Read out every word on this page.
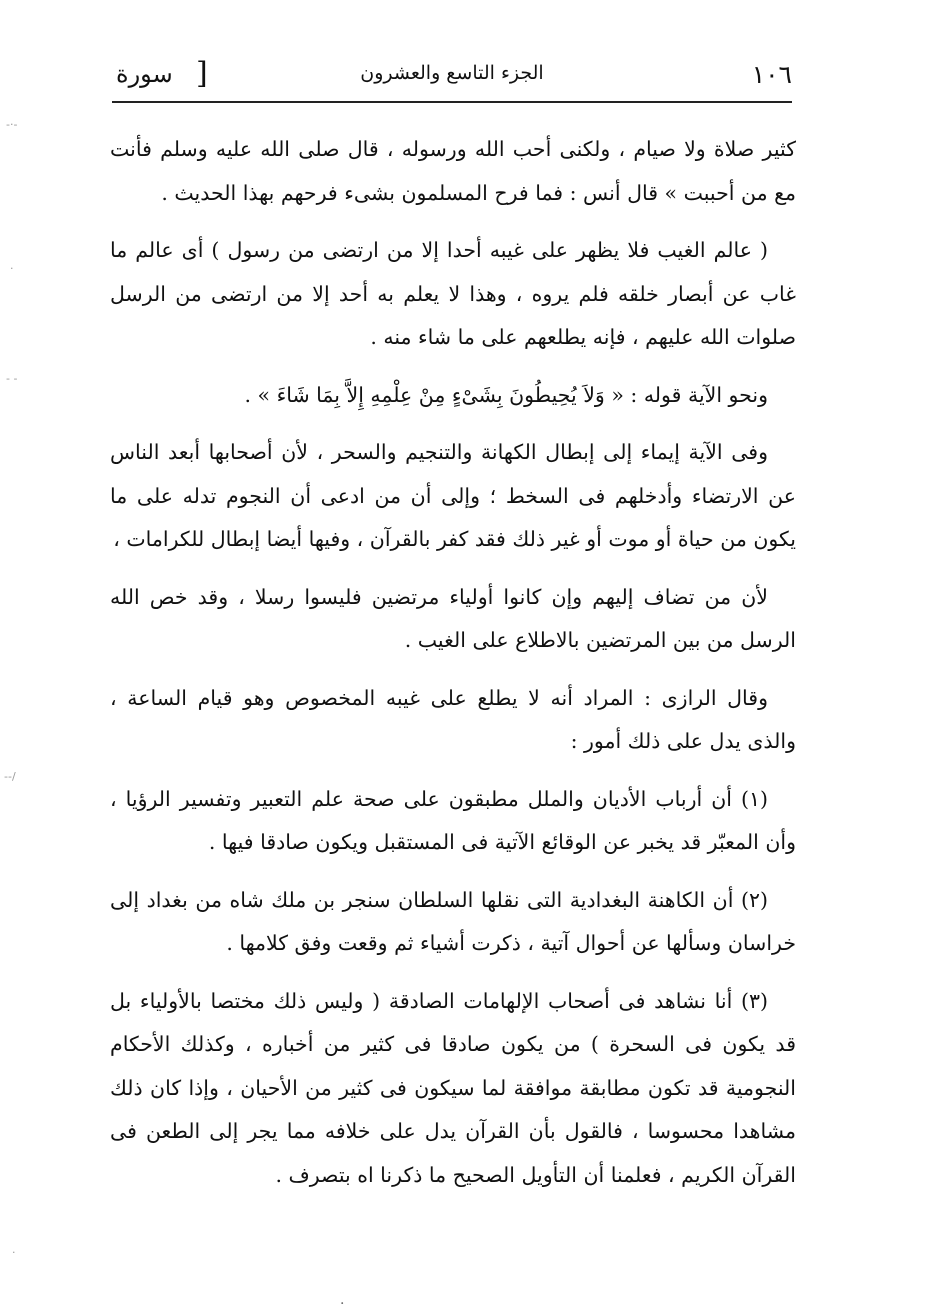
١٠٦
الجزء التاسع والعشرون
[
سورة

كثير صلاة ولا صيام ، ولكنى أحب الله ورسوله ، قال صلى الله عليه وسلم فأنت مع من أحببت » قال أنس : فما فرح المسلمون بشىء فرحهم بهذا الحديث .

( عالم الغيب فلا يظهر على غيبه أحدا إلا من ارتضى من رسول ) أى عالم ما غاب عن أبصار خلقه فلم يروه ، وهذا لا يعلم به أحد إلا من ارتضى من الرسل صلوات الله عليهم ، فإنه يطلعهم على ما شاء منه .

ونحو الآية قوله : « وَلاَ يُحِيطُونَ بِشَىْءٍ مِنْ عِلْمِهِ إِلاَّ بِمَا شَاءَ » .

وفى الآية إيماء إلى إبطال الكهانة والتنجيم والسحر ، لأن أصحابها أبعد الناس عن الارتضاء وأدخلهم فى السخط ؛ وإلى أن من ادعى أن النجوم تدله على ما يكون من حياة أو موت أو غير ذلك فقد كفر بالقرآن ، وفيها أيضا إبطال للكرامات ،

لأن من تضاف إليهم وإن كانوا أولياء مرتضين فليسوا رسلا ، وقد خص الله الرسل من بين المرتضين بالاطلاع على الغيب .

وقال الرازى : المراد أنه لا يطلع على غيبه المخصوص وهو قيام الساعة ، والذى يدل على ذلك أمور :

(١) أن أرباب الأديان والملل مطبقون على صحة علم التعبير وتفسير الرؤيا ، وأن المعبّر قد يخبر عن الوقائع الآتية فى المستقبل ويكون صادقا فيها .

(٢) أن الكاهنة البغدادية التى نقلها السلطان سنجر بن ملك شاه من بغداد إلى خراسان وسألها عن أحوال آتية ، ذكرت أشياء ثم وقعت وفق كلامها .

(٣) أنا نشاهد فى أصحاب الإلهامات الصادقة ( وليس ذلك مختصا بالأولياء بل قد يكون فى السحرة ) من يكون صادقا فى كثير من أخباره ، وكذلك الأحكام النجومية قد تكون مطابقة موافقة لما سيكون فى كثير من الأحيان ، وإذا كان ذلك مشاهدا محسوسا ، فالقول بأن القرآن يدل على خلافه مما يجر إلى الطعن فى القرآن الكريم ، فعلمنا أن التأويل الصحيح ما ذكرنا اه بتصرف .

‐·‐
·
‐ ‐
‐‐/
·
·
